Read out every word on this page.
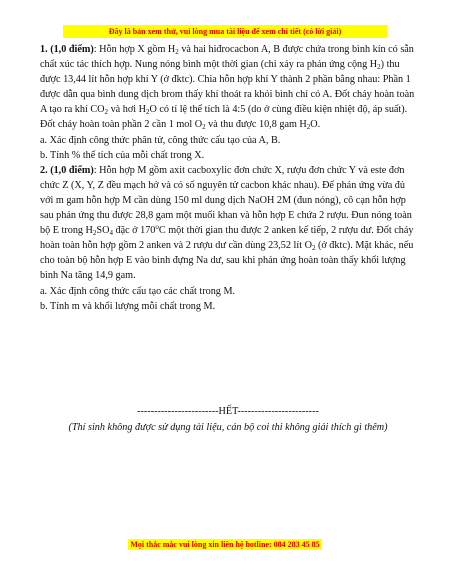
Đây là bản xem thử, vui lòng mua tài liệu để xem chi tiết (có lời giải)

1. (1,0 điểm): Hỗn hợp X gồm $H_2$ và hai hiđrocacbon A, B được chứa trong bình kín có sẵn chất xúc tác thích hợp. Nung nóng bình một thời gian (chỉ xảy ra phản ứng cộng $H_2$) thu được 13,44 lít hỗn hợp khí Y (ở đktc). Chia hỗn hợp khí Y thành 2 phần bằng nhau: Phần 1 được dẫn qua bình dung dịch brom thấy khí thoát ra khỏi bình chỉ có A. Đốt cháy hoàn toàn A tạo ra khí $CO_2$ và hơi $H_2O$ có tỉ lệ thể tích là 4:5 (do ở cùng điều kiện nhiệt độ, áp suất).

Đốt cháy hoàn toàn phần 2 cần 1 mol $O_2$ và thu được 10,8 gam $H_2O$.

a. Xác định công thức phân tử, công thức cấu tạo của A, B.

b. Tính % thể tích của mỗi chất trong X.

2. (1,0 điểm): Hỗn hợp M gồm axit cacboxylic đơn chức X, rượu đơn chức Y và este đơn chức Z (X, Y, Z đều mạch hở và có số nguyên tử cacbon khác nhau). Để phản ứng vừa đủ với m gam hỗn hợp M cần dùng 150 ml dung dịch NaOH 2M (đun nóng), cô cạn hỗn hợp sau phản ứng thu được 28,8 gam một muối khan và hỗn hợp E chứa 2 rượu. Đun nóng toàn bộ E trong $H_2SO_4$ đặc ở 170$^o$C một thời gian thu được 2 anken kế tiếp, 2 rượu dư. Đốt cháy hoàn toàn hỗn hợp gồm 2 anken và 2 rượu dư cần dùng 23,52 lít $O_2$ (ở đktc). Mặt khác, nếu cho toàn bộ hỗn hợp E vào bình đựng Na dư, sau khi phản ứng hoàn toàn thấy khối lượng bình Na tăng 14,9 gam.

a. Xác định công thức cấu tạo các chất trong M.

b. Tính m và khối lượng mỗi chất trong M.

------------------------HẾT------------------------
(Thí sinh không được sử dụng tài liệu, cán bộ coi thi không giải thích gì thêm)
Mọi thắc mắc vui lòng xin liên hệ hotline: 084 283 45 85
